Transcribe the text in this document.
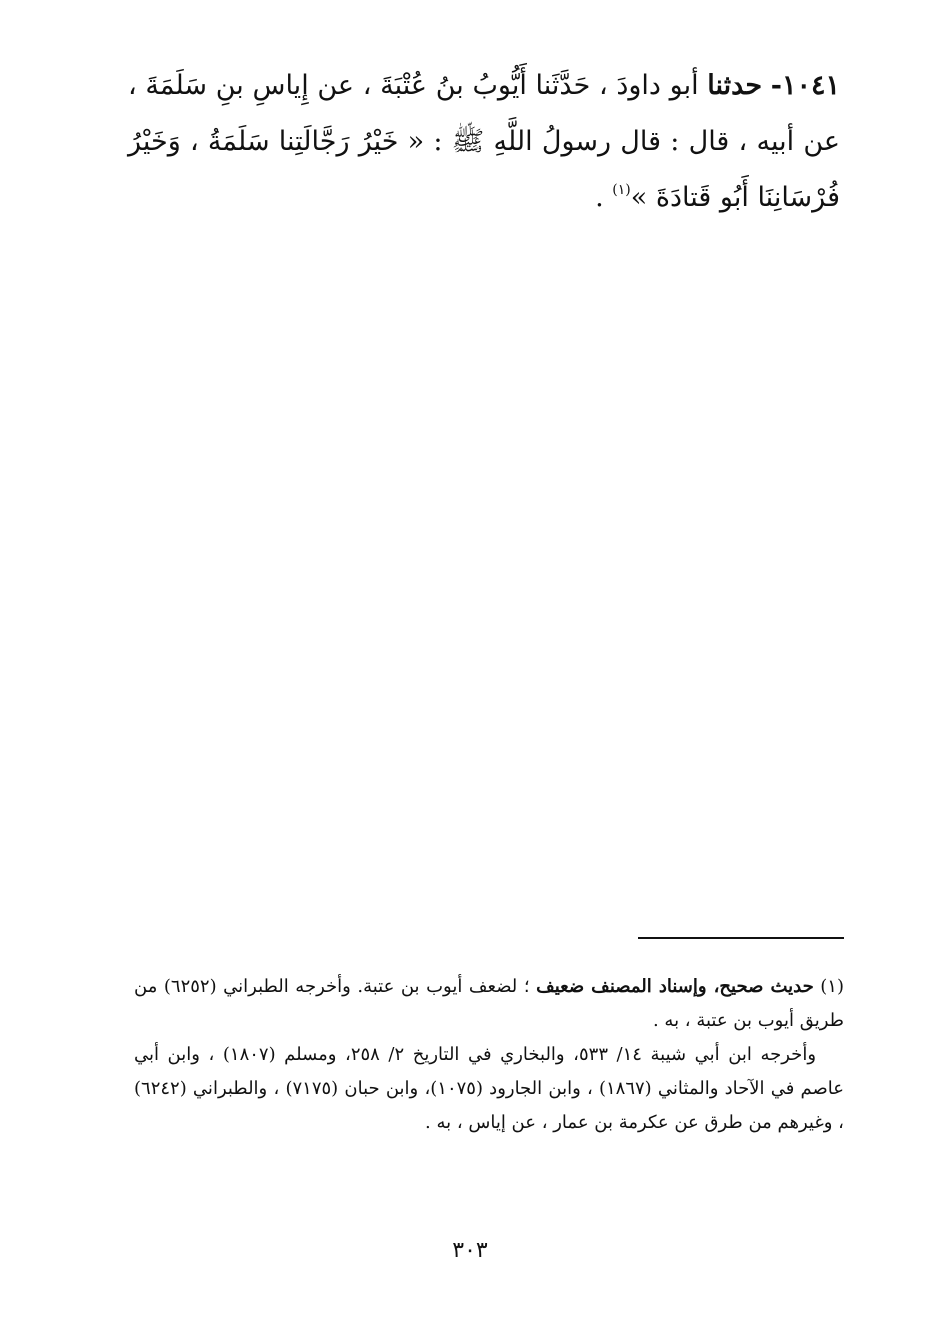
١٠٤١- حدثنا أبو داودَ ، حَدَّثَنا أَيُّوبُ بنُ عُتْبَةَ ، عن إِياسِ بنِ سَلَمَةَ ، عن أبيه ، قال : قال رسولُ اللَّهِ ﷺ : « خَيْرُ رَجَّالَتِنا سَلَمَةُ ، وَخَيْرُ فُرْسَانِنَا أَبُو قَتادَةَ »$^{(١)}$ .

(١) حديث صحيح، وإسناد المصنف ضعيف ؛ لضعف أيوب بن عتبة. وأخرجه الطبراني (٦٢٥٢) من طريق أيوب بن عتبة ، به .

وأخرجه ابن أبي شيبة ١٤/ ٥٣٣، والبخاري في التاريخ ٢/ ٢٥٨، ومسلم (١٨٠٧) ، وابن أبي عاصم في الآحاد والمثاني (١٨٦٧) ، وابن الجارود (١٠٧٥)، وابن حبان (٧١٧٥) ، والطبراني (٦٢٤٢) ، وغيرهم من طرق عن عكرمة بن عمار ، عن إياس ، به .

٣٠٣
